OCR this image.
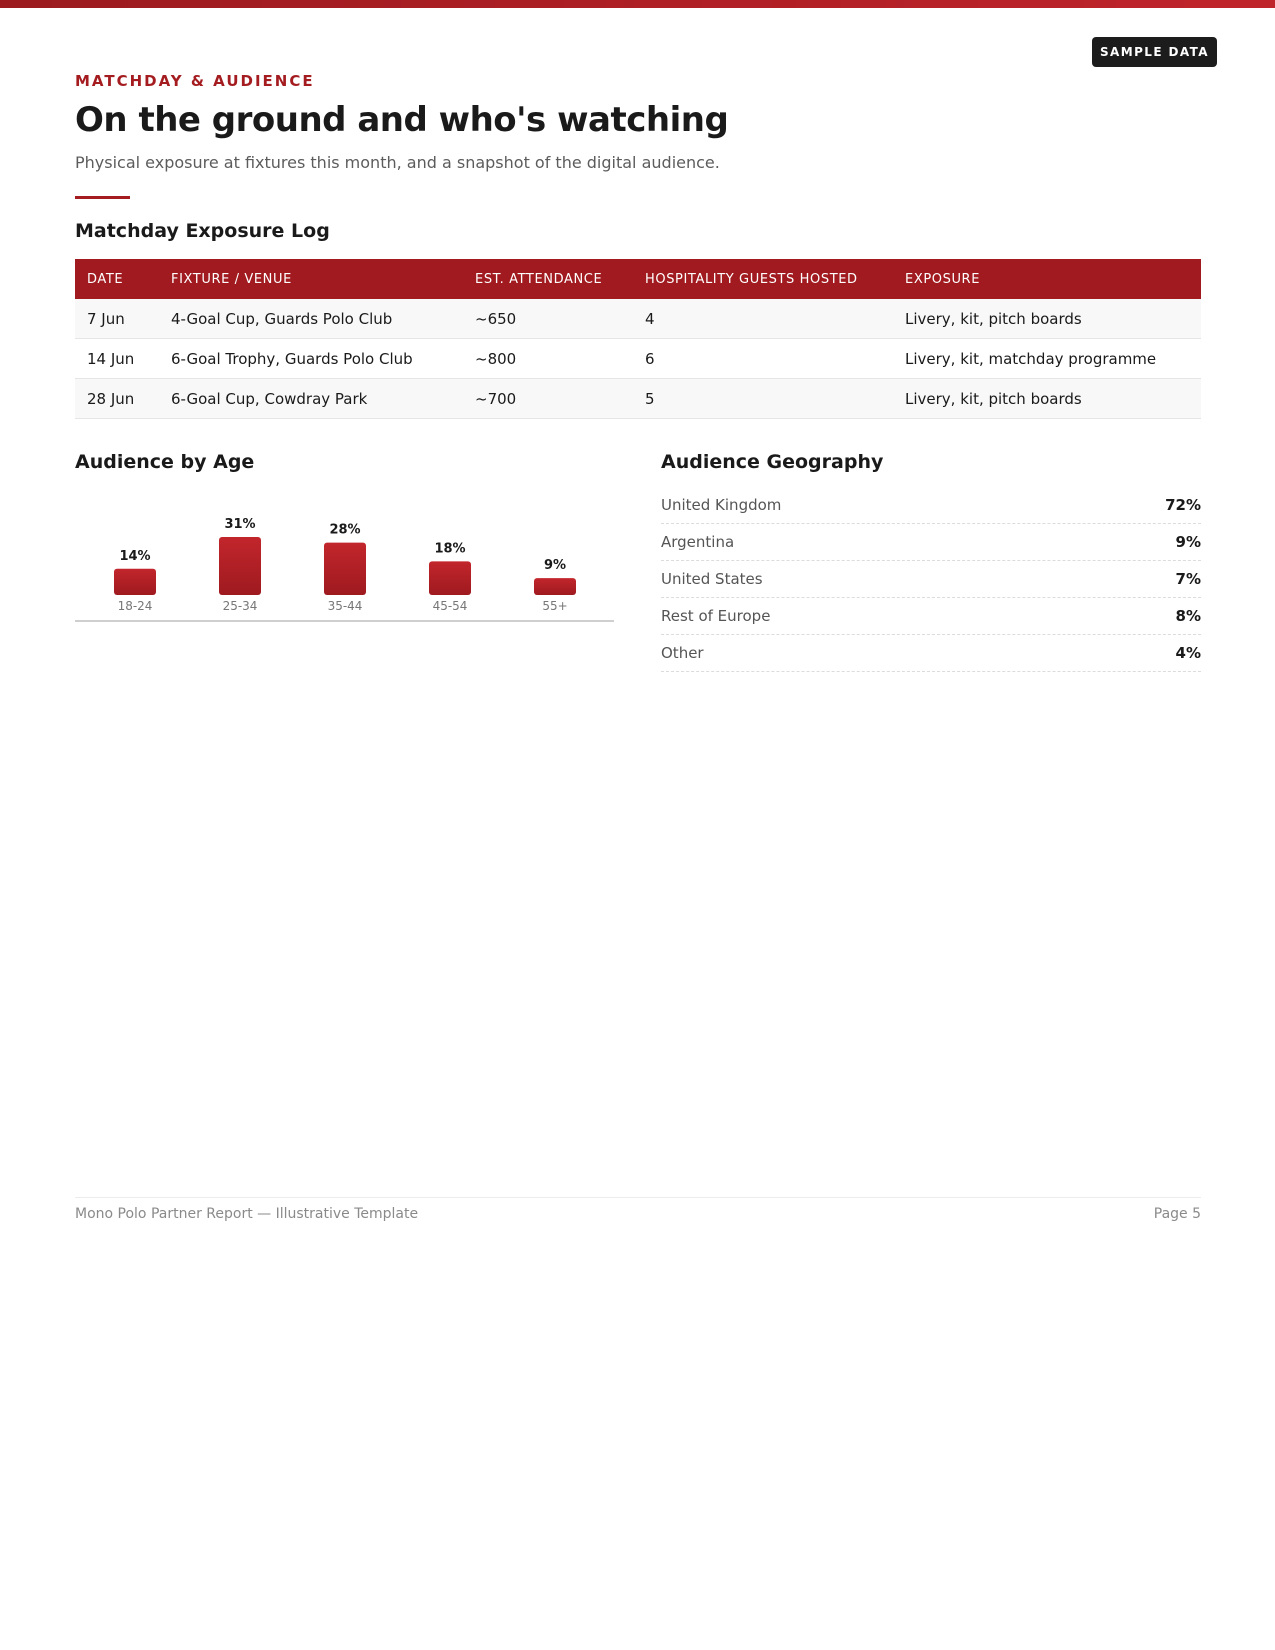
SAMPLE DATA
MATCHDAY & AUDIENCE
On the ground and who's watching
Physical exposure at fixtures this month, and a snapshot of the digital audience.
Matchday Exposure Log
DATE	FIXTURE / VENUE	EST. ATTENDANCE	HOSPITALITY GUESTS HOSTED	EXPOSURE
7 Jun	4-Goal Cup, Guards Polo Club	~650	4	Livery, kit, pitch boards
14 Jun	6-Goal Trophy, Guards Polo Club	~800	6	Livery, kit, matchday programme
28 Jun	6-Goal Cup, Cowdray Park	~700	5	Livery, kit, pitch boards
Audience by Age
14%
18-24
31%
25-34
28%
35-44
18%
45-54
9%
55+
Audience Geography
United Kingdom	72%
Argentina	9%
United States	7%
Rest of Europe	8%
Other	4%
Mono Polo Partner Report — Illustrative Template	Page 5
